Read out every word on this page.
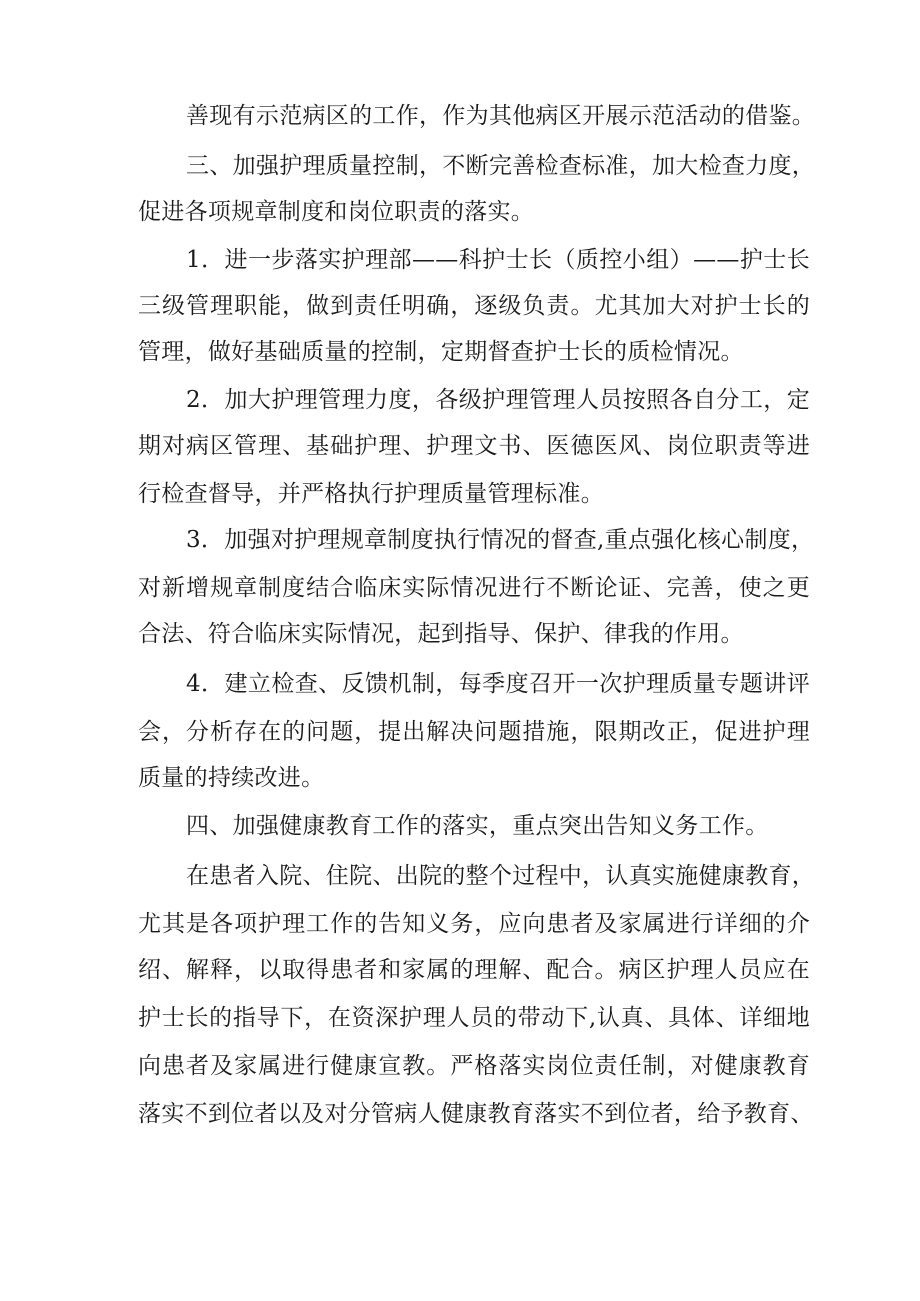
善现有示范病区的工作，作为其他病区开展示范活动的借鉴。
三、加强护理质量控制，不断完善检查标准，加大检查力度，
促进各项规章制度和岗位职责的落实。
1．进一步落实护理部——科护士长（质控小组）——护士长
三级管理职能，做到责任明确，逐级负责。尤其加大对护士长的
管理，做好基础质量的控制，定期督查护士长的质检情况。
2．加大护理管理力度，各级护理管理人员按照各自分工，定
期对病区管理、基础护理、护理文书、医德医风、岗位职责等进
行检查督导，并严格执行护理质量管理标准。
3．加强对护理规章制度执行情况的督查,重点强化核心制度，
对新增规章制度结合临床实际情况进行不断论证、完善，使之更
合法、符合临床实际情况，起到指导、保护、律我的作用。
4．建立检查、反馈机制，每季度召开一次护理质量专题讲评
会，分析存在的问题，提出解决问题措施，限期改正，促进护理
质量的持续改进。
四、加强健康教育工作的落实，重点突出告知义务工作。
在患者入院、住院、出院的整个过程中，认真实施健康教育，
尤其是各项护理工作的告知义务，应向患者及家属进行详细的介
绍、解释，以取得患者和家属的理解、配合。病区护理人员应在
护士长的指导下，在资深护理人员的带动下,认真、具体、详细地
向患者及家属进行健康宣教。严格落实岗位责任制，对健康教育
落实不到位者以及对分管病人健康教育落实不到位者，给予教育、
